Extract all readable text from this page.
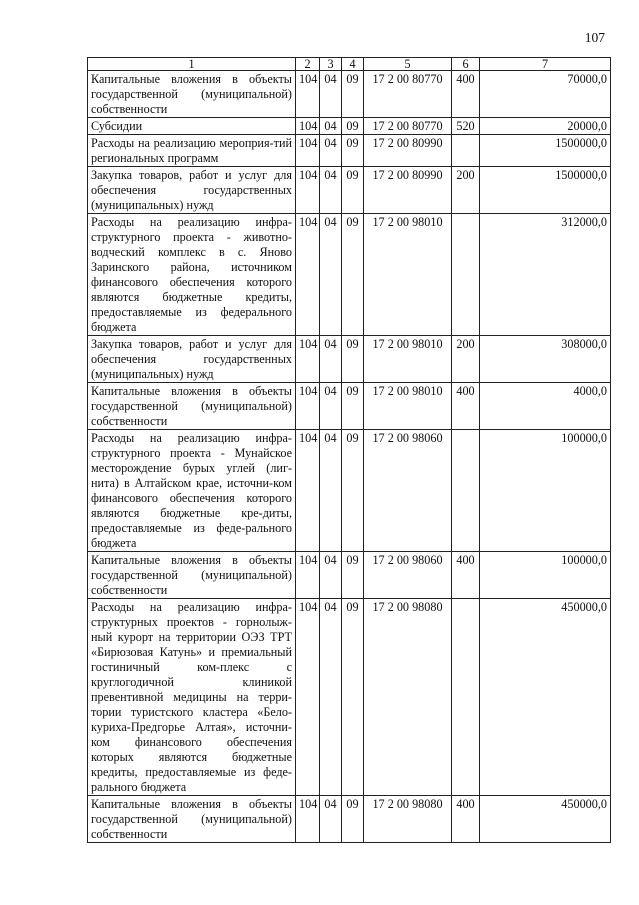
107
1	2	3	4	5	6	7
Капитальные вложения в объекты государственной (муниципальной) собственности	104	04	09	17 2 00 80770	400	70000,0
Субсидии	104	04	09	17 2 00 80770	520	20000,0
Расходы на реализацию мероприя-тий региональных программ	104	04	09	17 2 00 80990		1500000,0
Закупка товаров, работ и услуг для обеспечения государственных (муниципальных) нужд	104	04	09	17 2 00 80990	200	1500000,0
Расходы на реализацию инфра-структурного проекта - животно-водческий комплекс в с. Яново Заринского района, источником финансового обеспечения которого являются бюджетные кредиты, предоставляемые из федерального бюджета	104	04	09	17 2 00 98010		312000,0
Закупка товаров, работ и услуг для обеспечения государственных (муниципальных) нужд	104	04	09	17 2 00 98010	200	308000,0
Капитальные вложения в объекты государственной (муниципальной) собственности	104	04	09	17 2 00 98010	400	4000,0
Расходы на реализацию инфра-структурного проекта - Мунайское месторождение бурых углей (лиг-нита) в Алтайском крае, источни-ком финансового обеспечения которого являются бюджетные кре-диты, предоставляемые из феде-рального бюджета	104	04	09	17 2 00 98060		100000,0
Капитальные вложения в объекты государственной (муниципальной) собственности	104	04	09	17 2 00 98060	400	100000,0
Расходы на реализацию инфра-структурных проектов - горнолыж-ный курорт на территории ОЭЗ ТРТ «Бирюзовая Катунь» и премиальный гостиничный ком-плекс с круглогодичной клиникой превентивной медицины на терри-тории туристского кластера «Бело-куриха-Предгорье Алтая», источни-ком финансового обеспечения которых являются бюджетные кредиты, предоставляемые из феде-рального бюджета	104	04	09	17 2 00 98080		450000,0
Капитальные вложения в объекты государственной (муниципальной) собственности	104	04	09	17 2 00 98080	400	450000,0
